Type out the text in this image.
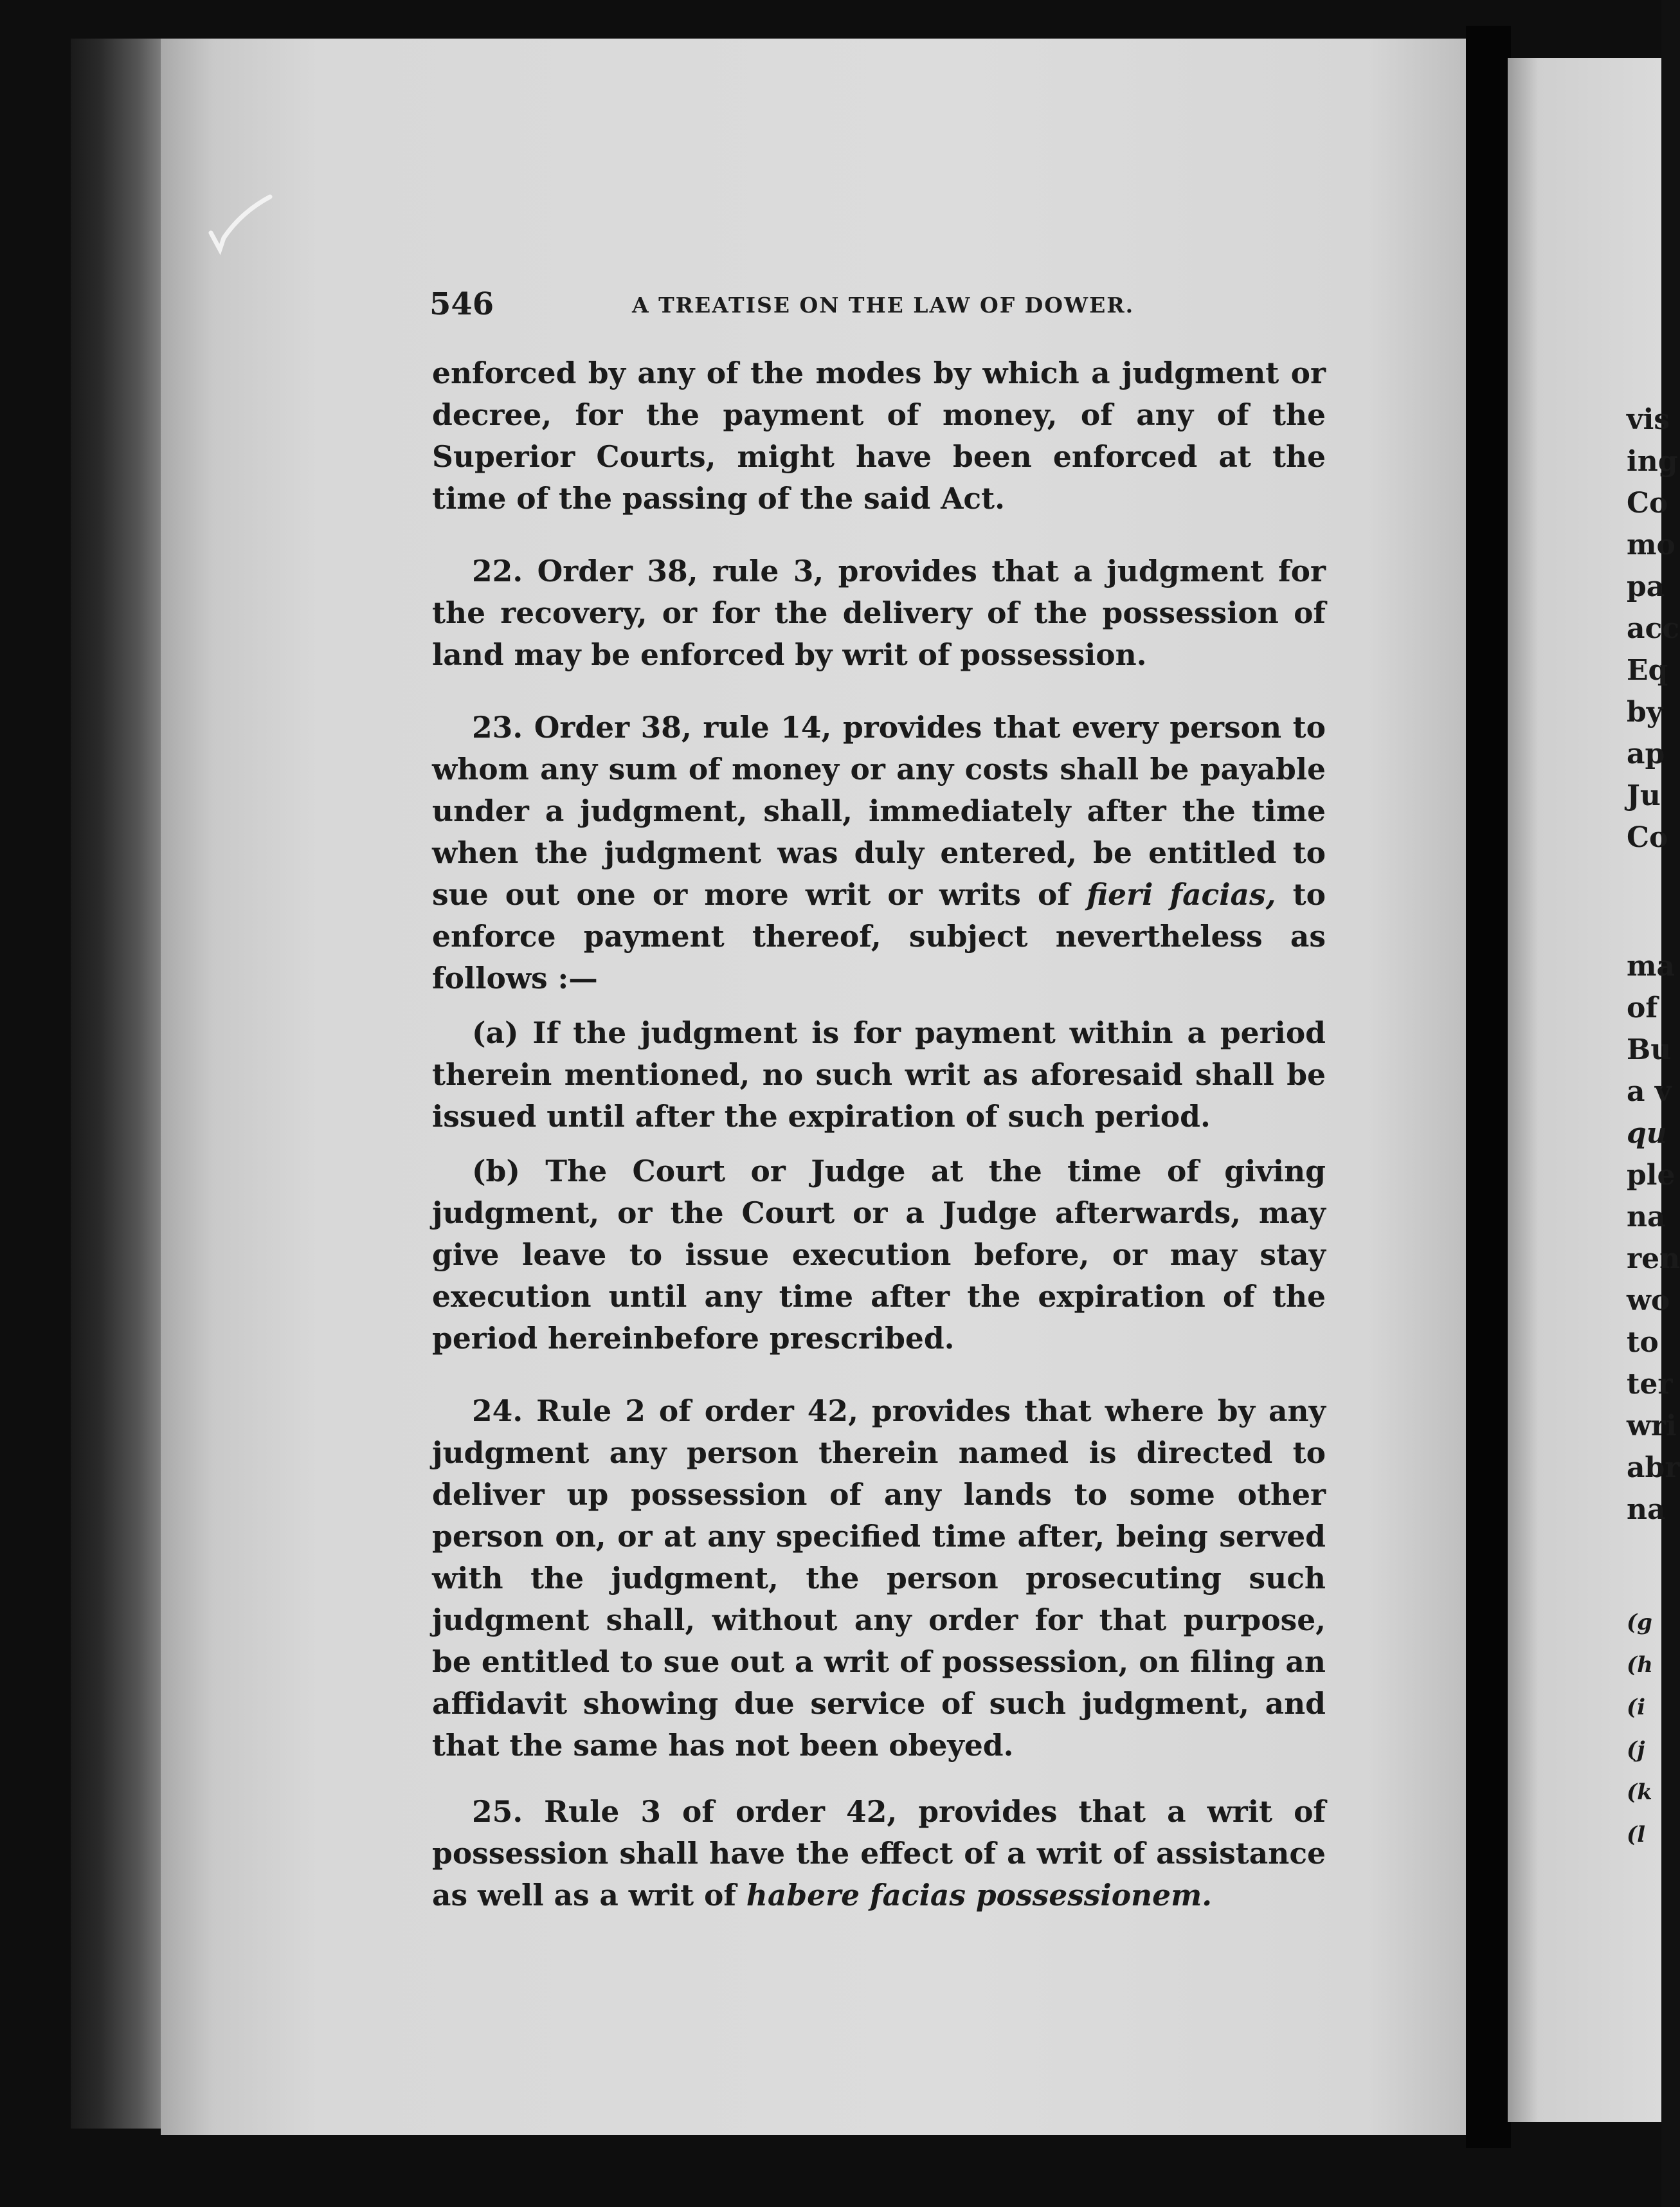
546	A TREATISE ON THE LAW OF DOWER.

enforced by any of the modes by which a judgment or decree, for the payment of money, of any of the Superior Courts, might have been enforced at the time of the passing of the said Act.

22. Order 38, rule 3, provides that a judgment for the recovery, or for the delivery of the possession of land may be enforced by writ of possession.

23. Order 38, rule 14, provides that every person to whom any sum of money or any costs shall be payable under a judgment, shall, immediately after the time when the judgment was duly entered, be entitled to sue out one or more writ or writs of fieri facias, to enforce payment thereof, subject nevertheless as follows :—

(a) If the judgment is for payment within a period therein mentioned, no such writ as aforesaid shall be issued until after the expiration of such period.

(b) The Court or Judge at the time of giving judgment, or the Court or a Judge afterwards, may give leave to issue execution before, or may stay execution until any time after the expiration of the period hereinbefore prescribed.

24. Rule 2 of order 42, provides that where by any judgment any person therein named is directed to deliver up possession of any lands to some other person on, or at any specified time after, being served with the judgment, the person prosecuting such judgment shall, without any order for that purpose, be entitled to sue out a writ of possession, on filing an affidavit showing due service of such judgment, and that the same has not been obeyed.

25. Rule 3 of order 42, provides that a writ of possession shall have the effect of a writ of assistance as well as a writ of habere facias possessionem.

vis
ing
Co
mo
pa
acc
Eq
by
ap
Ju
Co
ma
of
Bu
a v
qu
ple
na
ren
wo
to
ter
wri
abr
na
(g
(h
(i
(j
(k
(l
